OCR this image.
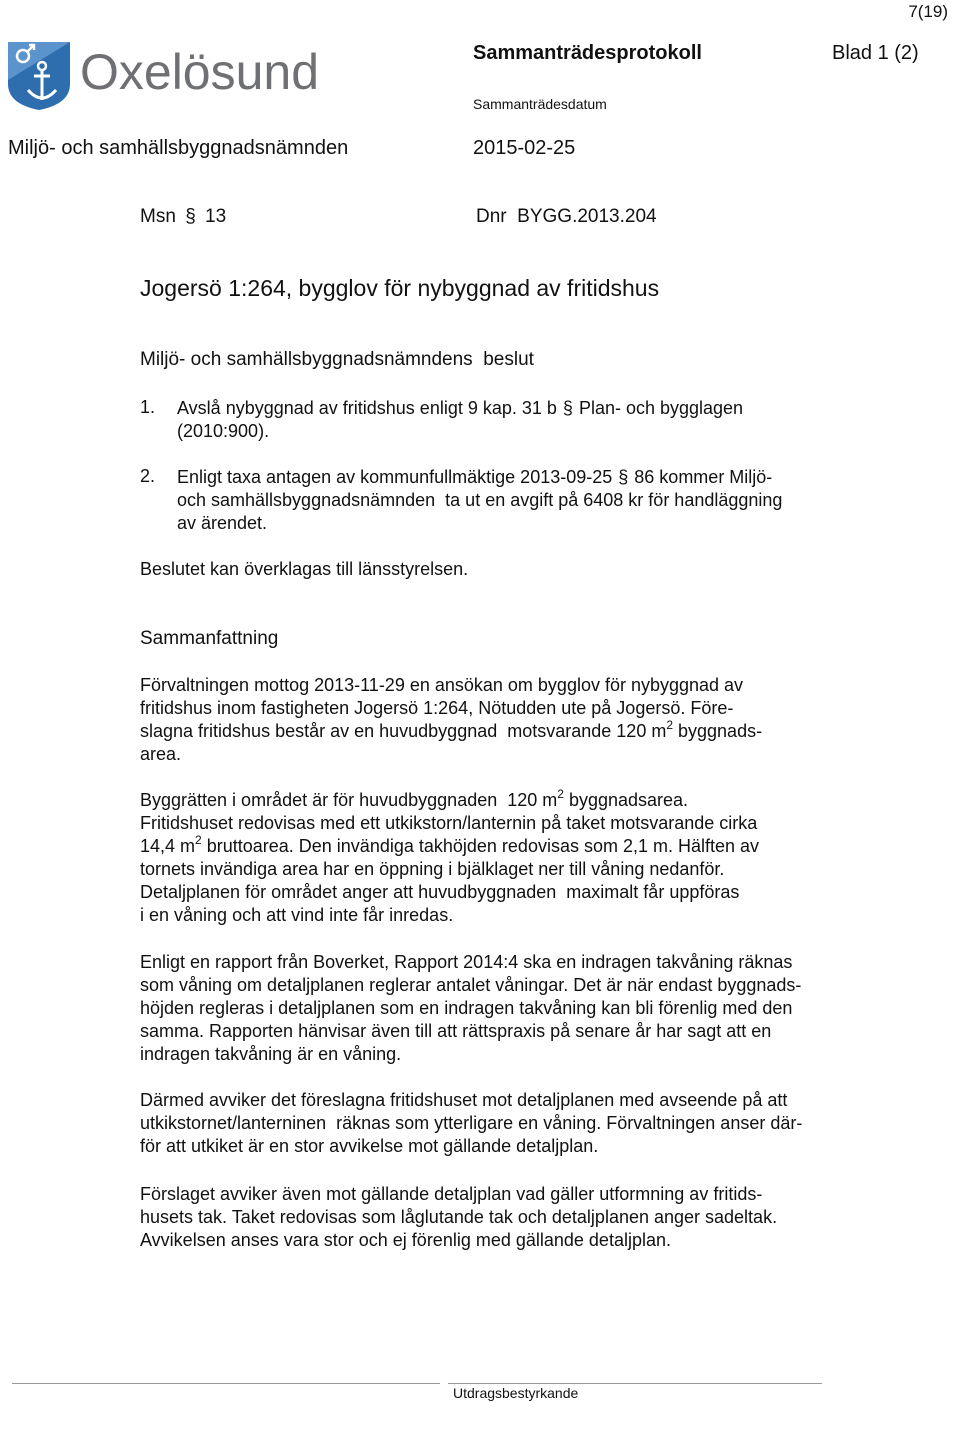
7(19)
Oxelösund	Sammanträdesprotokoll	Blad 1 (2)
Sammanträdesdatum
Miljö- och samhällsbyggnadsnämnden	2015-02-25
Msn § 13	Dnr  BYGG.2013.204
Jogersö 1:264, bygglov för nybyggnad av fritidshus
Miljö- och samhällsbyggnadsnämndens  beslut
1. Avslå nybyggnad av fritidshus enligt 9 kap. 31 b § Plan- och bygglagen
(2010:900).
2. Enligt taxa antagen av kommunfullmäktige 2013-09-25 § 86 kommer Miljö-
och samhällsbyggnadsnämnden  ta ut en avgift på 6408 kr för handläggning
av ärendet.
Beslutet kan överklagas till länsstyrelsen.
Sammanfattning
Förvaltningen mottog 2013-11-29 en ansökan om bygglov för nybyggnad av
fritidshus inom fastigheten Jogersö 1:264, Nötudden ute på Jogersö. Före-
slagna fritidshus består av en huvudbyggnad  motsvarande 120 $m^2$ byggnads-
area.
Byggrätten i området är för huvudbyggnaden  120 $m^2$ byggnadsarea.
Fritidshuset redovisas med ett utkikstorn/lanternin på taket motsvarande cirka
14,4 $m^2$ bruttoarea. Den invändiga takhöjden redovisas som 2,1 m. Hälften av
tornets invändiga area har en öppning i bjälklaget ner till våning nedanför.
Detaljplanen för området anger att huvudbyggnaden  maximalt får uppföras
i en våning och att vind inte får inredas.
Enligt en rapport från Boverket, Rapport 2014:4 ska en indragen takvåning räknas
som våning om detaljplanen reglerar antalet våningar. Det är när endast byggnads-
höjden regleras i detaljplanen som en indragen takvåning kan bli förenlig med den
samma. Rapporten hänvisar även till att rättspraxis på senare år har sagt att en
indragen takvåning är en våning.
Därmed avviker det föreslagna fritidshuset mot detaljplanen med avseende på att
utkikstornet/lanterninen  räknas som ytterligare en våning. Förvaltningen anser där-
för att utkiket är en stor avvikelse mot gällande detaljplan.
Förslaget avviker även mot gällande detaljplan vad gäller utformning av fritids-
husets tak. Taket redovisas som låglutande tak och detaljplanen anger sadeltak.
Avvikelsen anses vara stor och ej förenlig med gällande detaljplan.
Utdragsbestyrkande
